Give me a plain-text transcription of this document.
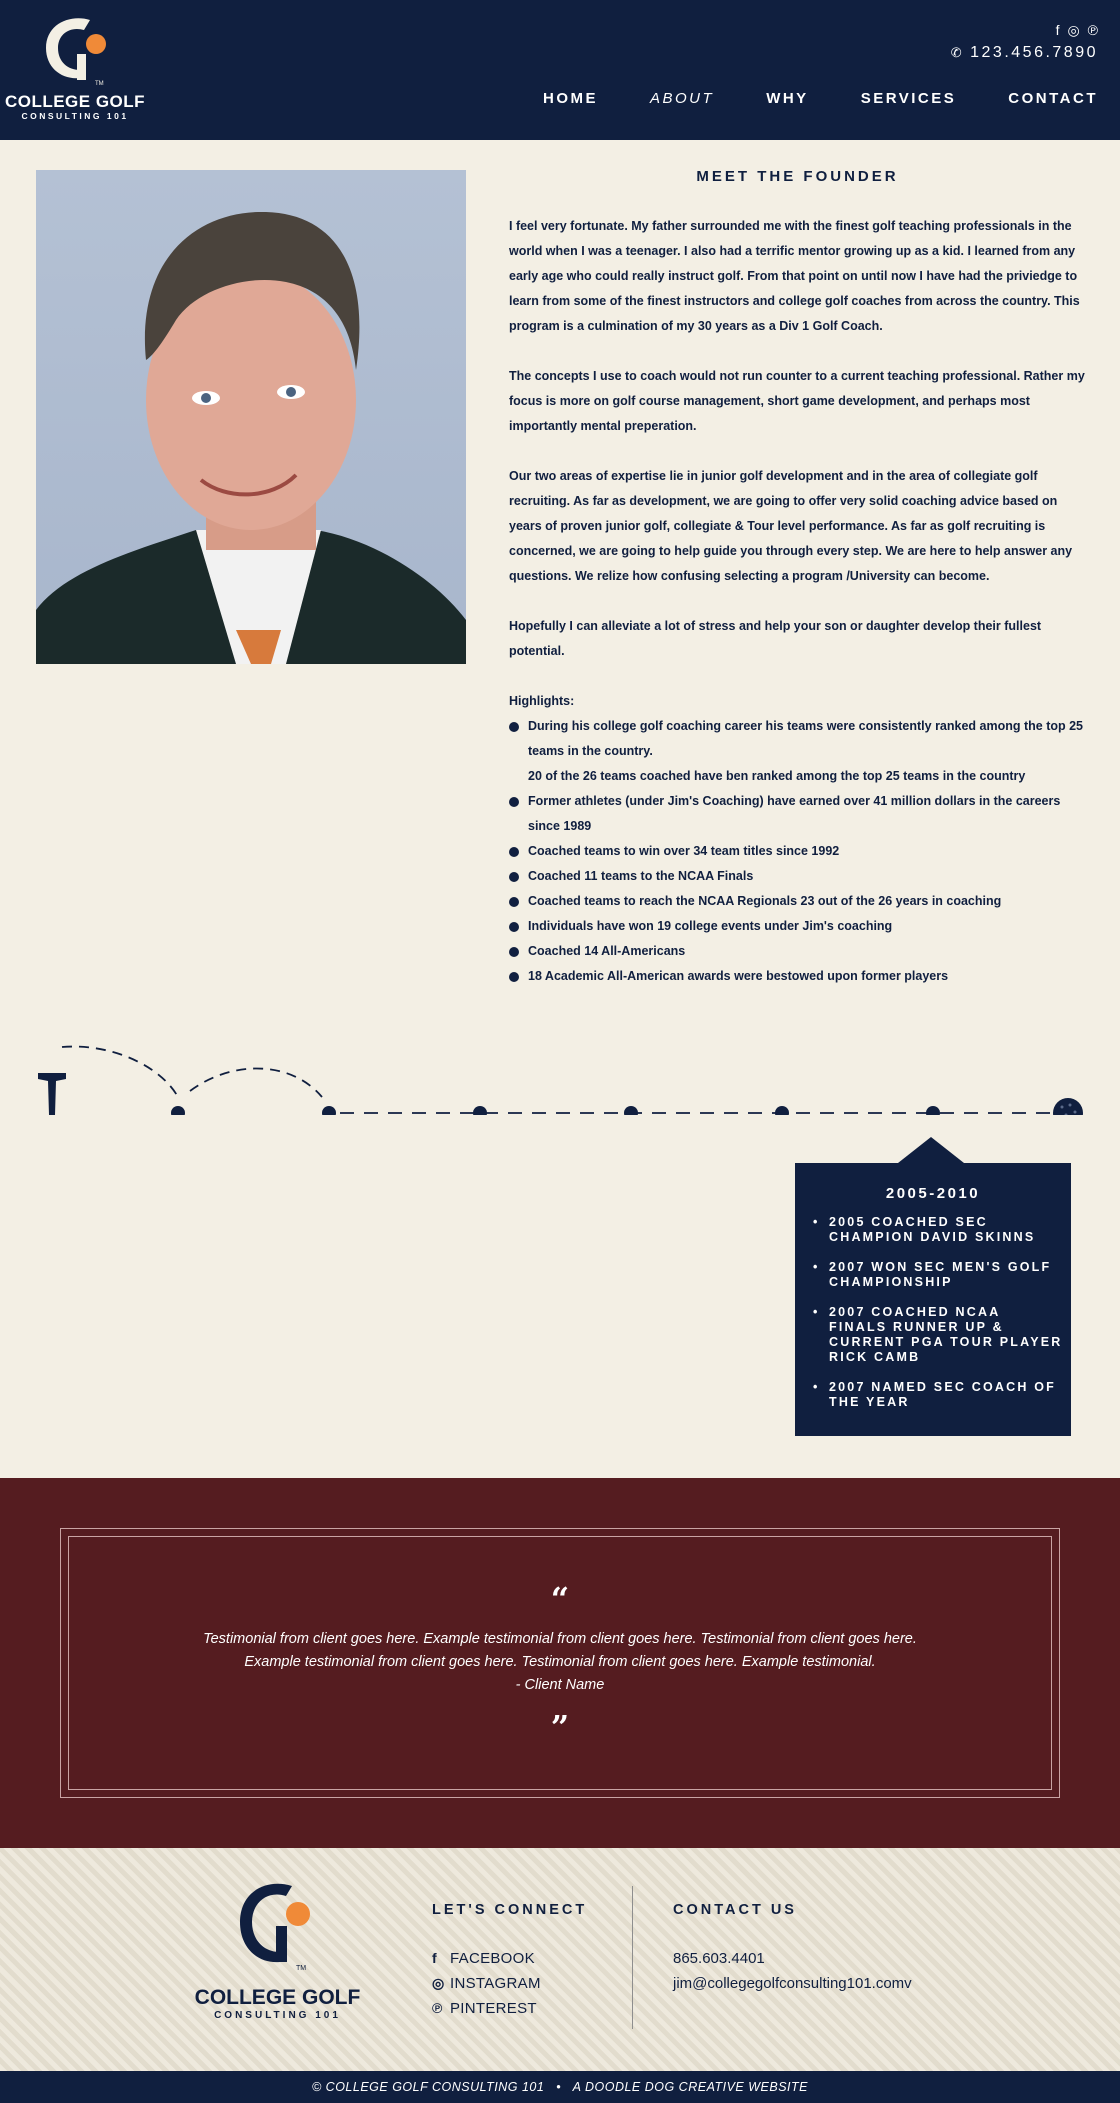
TM
COLLEGE GOLF
CONSULTING 101
f ◎ ℗
✆ 123.456.7890
HOME	ABOUT	WHY	SERVICES	CONTACT
MEET THE FOUNDER

I feel very fortunate. My father surrounded me with the finest golf teaching professionals in the world when I was a teenager. I also had a terrific mentor growing up as a kid. I learned from any early age who could really instruct golf. From that point on until now I have had the priviedge to learn from some of the finest instructors and college golf coaches from across the country. This program is a culmination of my 30 years as a Div 1 Golf Coach.

The concepts I use to coach would not run counter to a current teaching professional. Rather my focus is more on golf course management, short game development, and perhaps most importantly mental preperation.

Our two areas of expertise lie in junior golf development and in the area of collegiate golf recruiting. As far as development, we are going to offer very solid coaching advice based on years of proven junior golf, collegiate & Tour level performance. As far as golf recruiting is concerned, we are going to help guide you through every step. We are here to help answer any questions. We relize how confusing selecting a program /University can become.

Hopefully I can alleviate a lot of stress and help your son or daughter develop their fullest potential.

Highlights:
During his college golf coaching career his teams were consistently ranked among the top 25 teams in the country.
20 of the 26 teams coached have ben ranked among the top 25 teams in the country
Former athletes (under Jim's Coaching) have earned over 41 million dollars in the careers since 1989
Coached teams to win over 34 team titles since 1992
Coached 11 teams to the NCAA Finals
Coached teams to reach the NCAA Regionals 23 out of the 26 years in coaching
Individuals have won 19 college events under Jim's coaching
Coached 14 All-Americans
18 Academic All-American awards were bestowed upon former players
2005-2010
• 2005 COACHED SEC CHAMPION DAVID SKINNS
• 2007 WON SEC MEN'S GOLF CHAMPIONSHIP
• 2007 COACHED NCAA FINALS RUNNER UP & CURRENT PGA TOUR PLAYER RICK CAMB
• 2007 NAMED SEC COACH OF THE YEAR
“
Testimonial from client goes here. Example testimonial from client goes here. Testimonial from client goes here. Example testimonial from client goes here. Testimonial from client goes here. Example testimonial.
- Client Name
”
TM
COLLEGE GOLF
CONSULTING 101
LET'S CONNECT
f FACEBOOK
◎ INSTAGRAM
℗ PINTEREST
CONTACT US
865.603.4401
jim@collegegolfconsulting101.comv
© COLLEGE GOLF CONSULTING 101 • A DOODLE DOG CREATIVE WEBSITE
